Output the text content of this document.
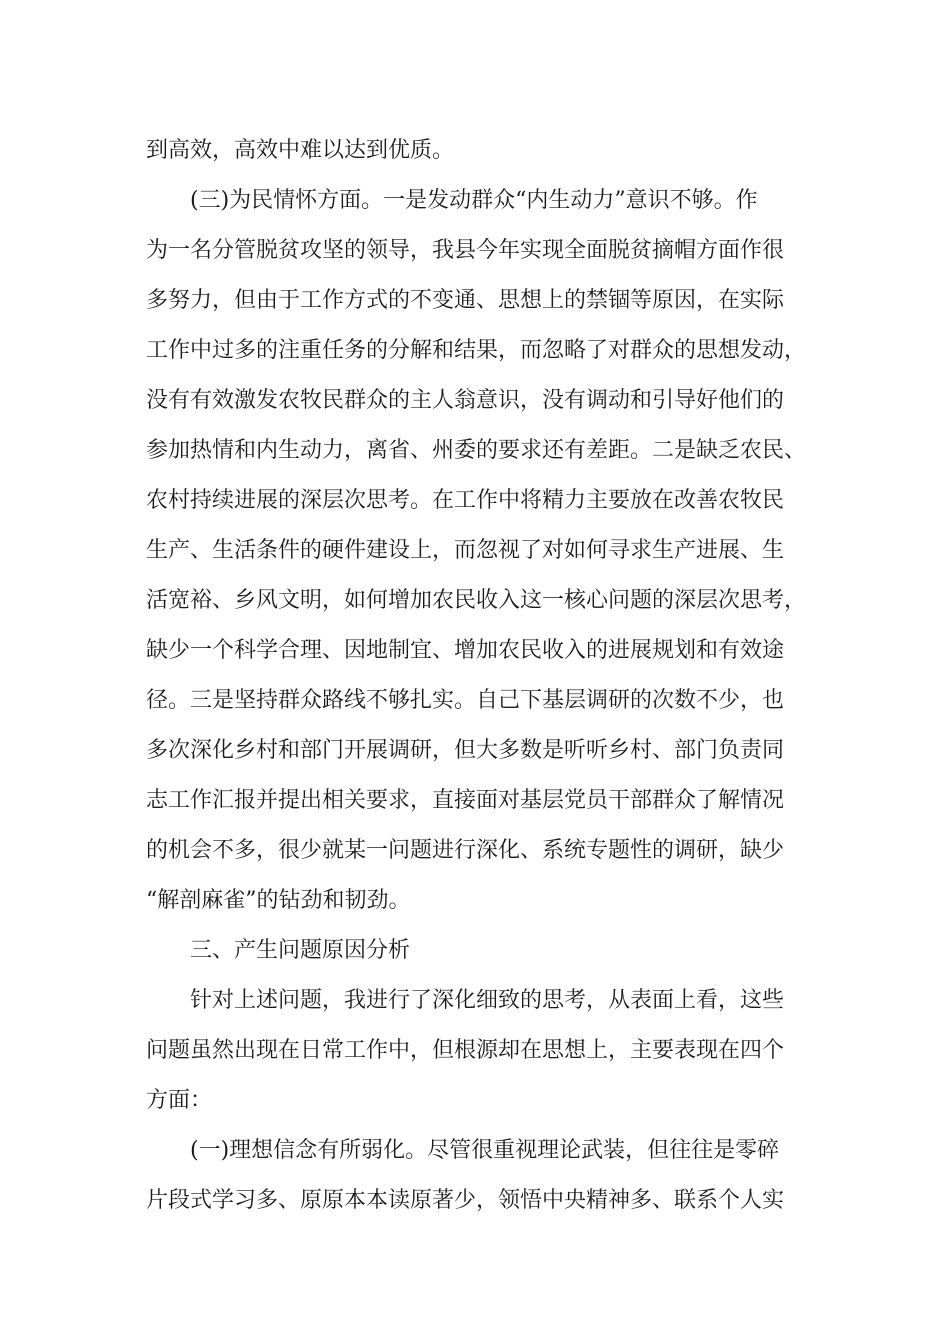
到高效，高效中难以达到优质。
(三)为民情怀方面。一是发动群众“内生动力”意识不够。作
为一名分管脱贫攻坚的领导，我县今年实现全面脱贫摘帽方面作很
多努力，但由于工作方式的不变通、思想上的禁锢等原因，在实际
工作中过多的注重任务的分解和结果，而忽略了对群众的思想发动，
没有有效激发农牧民群众的主人翁意识，没有调动和引导好他们的
参加热情和内生动力，离省、州委的要求还有差距。二是缺乏农民、
农村持续进展的深层次思考。在工作中将精力主要放在改善农牧民
生产、生活条件的硬件建设上，而忽视了对如何寻求生产进展、生
活宽裕、乡风文明，如何增加农民收入这一核心问题的深层次思考，
缺少一个科学合理、因地制宜、增加农民收入的进展规划和有效途
径。三是坚持群众路线不够扎实。自己下基层调研的次数不少，也
多次深化乡村和部门开展调研，但大多数是听听乡村、部门负责同
志工作汇报并提出相关要求，直接面对基层党员干部群众了解情况
的机会不多，很少就某一问题进行深化、系统专题性的调研，缺少
“解剖麻雀”的钻劲和韧劲。
三、产生问题原因分析
针对上述问题，我进行了深化细致的思考，从表面上看，这些
问题虽然出现在日常工作中，但根源却在思想上，主要表现在四个
方面：
(一)理想信念有所弱化。尽管很重视理论武装，但往往是零碎
片段式学习多、原原本本读原著少，领悟中央精神多、联系个人实
